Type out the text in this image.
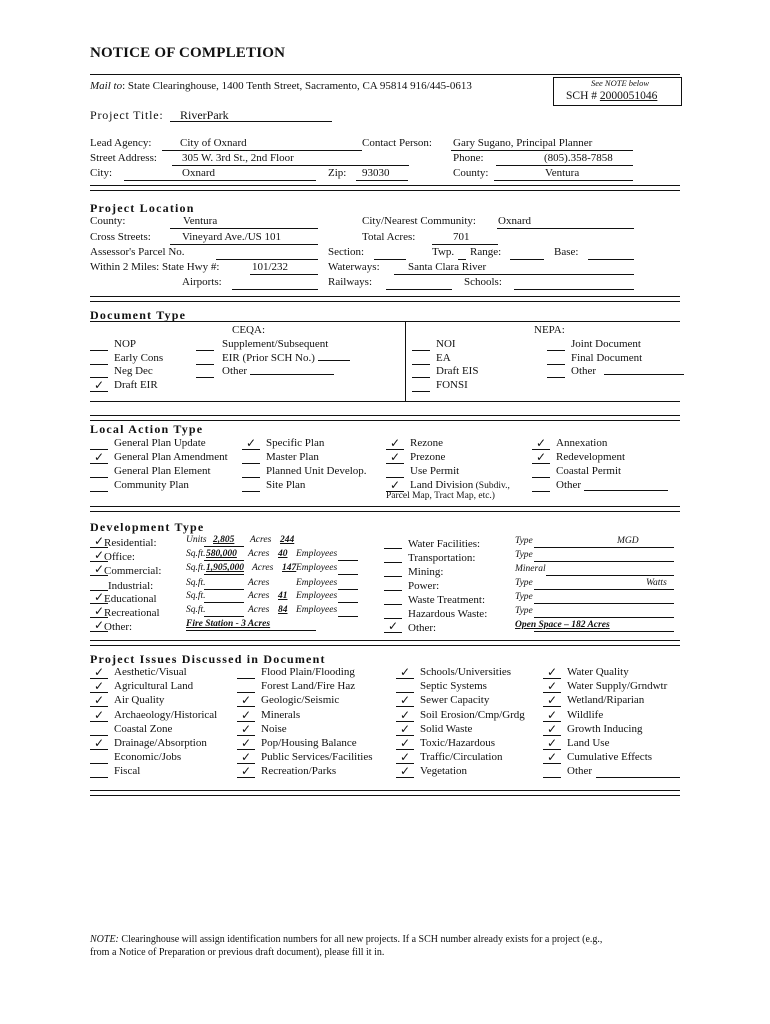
NOTICE OF COMPLETION
Mail to: State Clearinghouse, 1400 Tenth Street, Sacramento, CA 95814 916/445-0613	See NOTE below
SCH # 2000051046
Project Title: RiverPark
Lead Agency:	City of Oxnard	Contact Person: Gary Sugano, Principal Planner
Street Address: 305 W. 3rd St., 2nd Floor	Phone:	(805).358-7858
City:	Oxnard	Zip: 93030	County:	Ventura
Project Location
County:	Ventura
Cross Streets:	Vineyard Ave./US 101
Assessor's Parcel No.
Within 2 Miles: State Hwy #:	101/232
Airports:
City/Nearest Community: Oxnard
Total Acres:	701
Section:	Twp. Range:	Base:
Waterways:	Santa Clara River
Railways:	Schools:
Document Type
CEQA:	NEPA:
NOP
Early Cons
Neg Dec
✓ Draft EIR
Supplement/Subsequent
EIR (Prior SCH No.)
Other
NOI
EA
Draft EIS
FONSI
Joint Document
Final Document
Other
Local Action Type
General Plan Update
✓ General Plan Amendment
General Plan Element
Community Plan
✓ Specific Plan
Master Plan
Planned Unit Develop.
Site Plan
✓ Rezone
✓ Prezone
Use Permit
✓ Land Division (Subdiv.,
✓ Annexation
✓ Redevelopment
Coastal Permit
Other
Parcel Map, Tract Map, etc.)
Development Type
✓ Residential:	Units 2,805 Acres 244
✓ Office:	Sq.ft. 580,000 Acres 40 Employees
✓ Commercial:	Sq.ft. 1,905,000 Acres 147 Employees
Industrial:	Sq.ft.	Acres	Employees
✓ Educational	Sq.ft.	Acres 41 Employees
✓ Recreational	Sq.ft.	Acres 84 Employees
✓ Other:	Fire Station - 3 Acres
Water Facilities:	Type	MGD
Transportation:	Type
Mining:	Mineral
Power:	Type	Watts
Waste Treatment:	Type
Hazardous Waste:	Type
✓ Other:	Open Space – 182 Acres
Project Issues Discussed in Document
✓ Aesthetic/Visual
✓ Agricultural Land
✓ Air Quality
✓ Archaeology/Historical
Coastal Zone
✓ Drainage/Absorption
Economic/Jobs
Fiscal
Flood Plain/Flooding
Forest Land/Fire Haz
✓ Geologic/Seismic
✓ Minerals
✓ Noise
✓ Pop/Housing Balance
✓ Public Services/Facilities
✓ Recreation/Parks
✓ Schools/Universities
Septic Systems
✓ Sewer Capacity
✓ Soil Erosion/Cmp/Grdg
✓ Solid Waste
✓ Toxic/Hazardous
✓ Traffic/Circulation
✓ Vegetation
✓ Water Quality
✓ Water Supply/Grndwtr
✓ Wetland/Riparian
✓ Wildlife
✓ Growth Inducing
✓ Land Use
✓ Cumulative Effects
Other
NOTE: Clearinghouse will assign identification numbers for all new projects. If a SCH number already exists for a project (e.g.,
from a Notice of Preparation or previous draft document), please fill it in.
